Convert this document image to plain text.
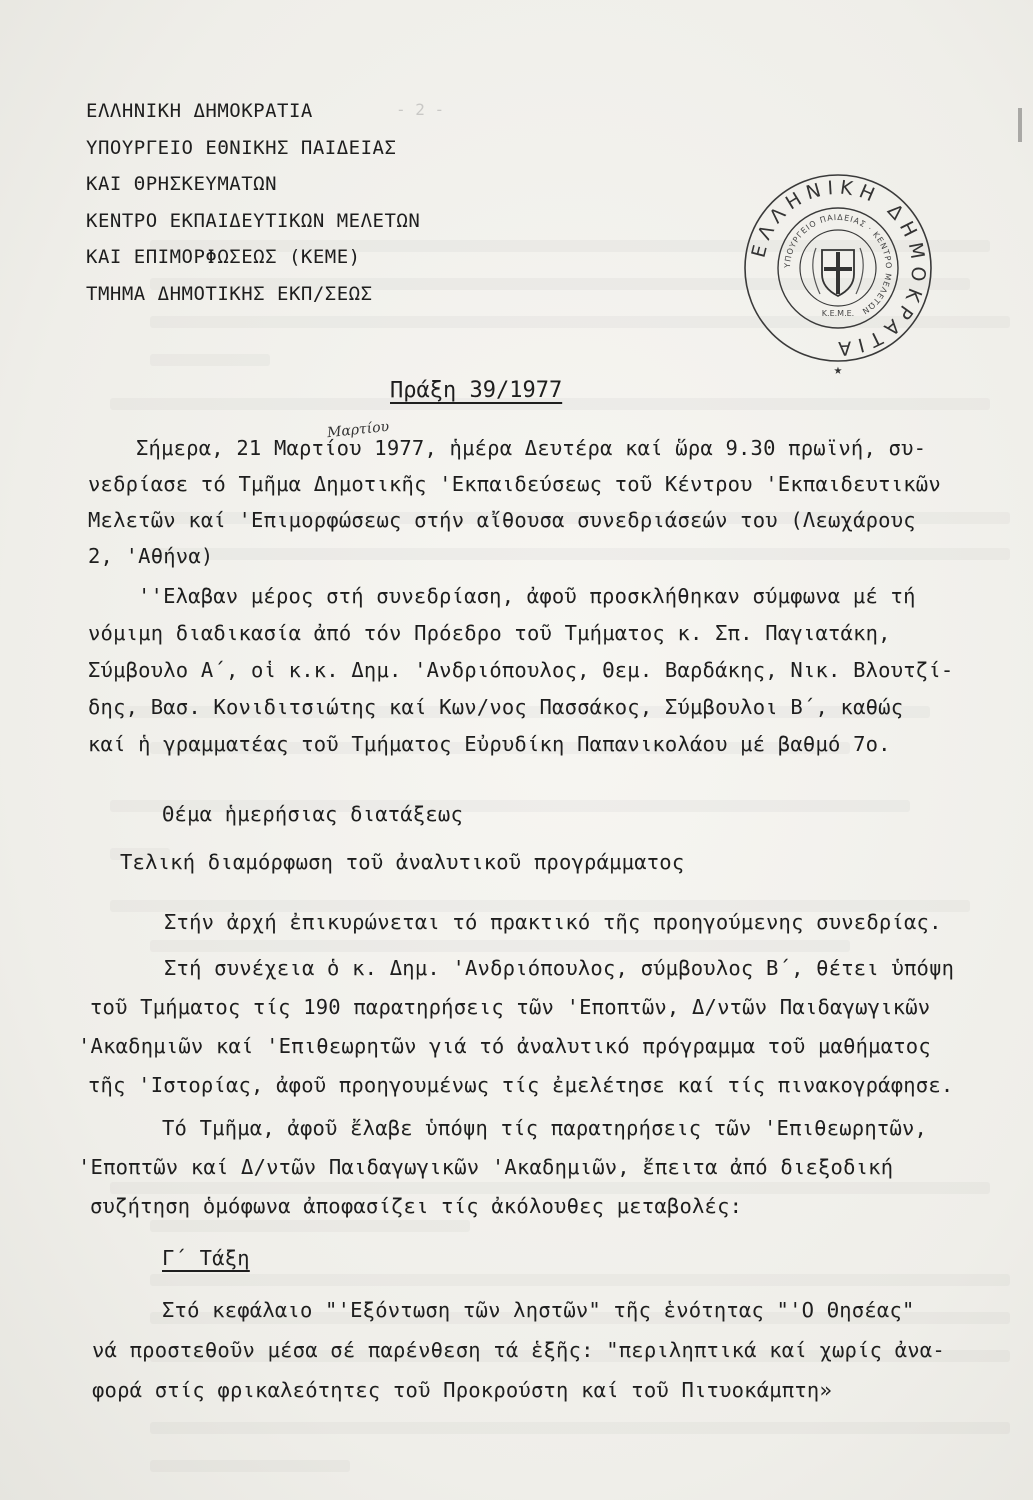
- 2 -
ΕΛΛΗΝΙΚΗ ΔΗΜΟΚΡΑΤΙΑ
ΥΠΟΥΡΓΕΙΟ ΕΘΝΙΚΗΣ ΠΑΙΔΕΙΑΣ
ΚΑΙ ΘΡΗΣΚΕΥΜΑΤΩΝ
ΚΕΝΤΡΟ ΕΚΠΑΙΔΕΥΤΙΚΩΝ ΜΕΛΕΤΩΝ
ΚΑΙ ΕΠΙΜΟΡΦΩΣΕΩΣ (ΚΕΜΕ)
ΤΜΗΜΑ ΔΗΜΟΤΙΚΗΣ ΕΚΠ/ΣΕΩΣ
ΕΛΛΗΝΙΚΗ ΔΗΜΟΚΡΑΤΙΑ
ΥΠΟΥΡΓΕΙΟ ΠΑΙΔΕΙΑΣ · ΚΕΝΤΡΟ ΜΕΛΕΤΩΝ
Κ.Ε.Μ.Ε.
★
Πράξη 39/1977
Μαρτίου
Σήμερα, 21 Μαρτίου 1977, ἡμέρα Δευτέρα καί ὥρα 9.30 πρωϊνή, συ-
νεδρίασε τό Τμῆμα Δημοτικῆς 'Εκπαιδεύσεως τοῦ Κέντρου 'Εκπαιδευτικῶν
Μελετῶν καί 'Επιμορφώσεως στήν αἴθουσα συνεδριάσεών του (Λεωχάρους
2, 'Αθήνα)
''Ελαβαν μέρος στή συνεδρίαση, ἀφοῦ προσκλήθηκαν σύμφωνα μέ τή
νόμιμη διαδικασία ἀπό τόν Πρόεδρο τοῦ Τμήματος κ. Σπ. Παγιατάκη,
Σύμβουλο Α΄, οἱ κ.κ. Δημ. 'Ανδριόπουλος, Θεμ. Βαρδάκης, Νικ. Βλουτζί-
δης, Βασ. Κονιδιτσιώτης καί Κων/νος Πασσάκος, Σύμβουλοι Β΄, καθώς
καί ἡ γραμματέας τοῦ Τμήματος Εὐρυδίκη Παπανικολάου μέ βαθμό 7ο.
Θέμα ἡμερήσιας διατάξεως
Τελική διαμόρφωση τοῦ ἀναλυτικοῦ προγράμματος
Στήν ἀρχή ἐπικυρώνεται τό πρακτικό τῆς προηγούμενης συνεδρίας.
Στή συνέχεια ὁ κ. Δημ. 'Ανδριόπουλος, σύμβουλος Β΄, θέτει ὑπόψη
τοῦ Τμήματος τίς 190 παρατηρήσεις τῶν 'Εποπτῶν, Δ/ντῶν Παιδαγωγικῶν
'Ακαδημιῶν καί 'Επιθεωρητῶν γιά τό ἀναλυτικό πρόγραμμα τοῦ μαθήματος
τῆς 'Ιστορίας, ἀφοῦ προηγουμένως τίς ἐμελέτησε καί τίς πινακογράφησε.
Τό Τμῆμα, ἀφοῦ ἔλαβε ὑπόψη τίς παρατηρήσεις τῶν 'Επιθεωρητῶν,
'Εποπτῶν καί Δ/ντῶν Παιδαγωγικῶν 'Ακαδημιῶν, ἔπειτα ἀπό διεξοδική
συζήτηση ὁμόφωνα ἀποφασίζει τίς ἀκόλουθες μεταβολές:
Γ΄ Τάξη
Στό κεφάλαιο "'Εξόντωση τῶν ληστῶν" τῆς ἑνότητας "'Ο Θησέας"
νά προστεθοῦν μέσα σέ παρένθεση τά ἑξῆς: "περιληπτικά καί χωρίς ἀνα-
φορά στίς φρικαλεότητες τοῦ Προκρούστη καί τοῦ Πιτυοκάμπτη»
